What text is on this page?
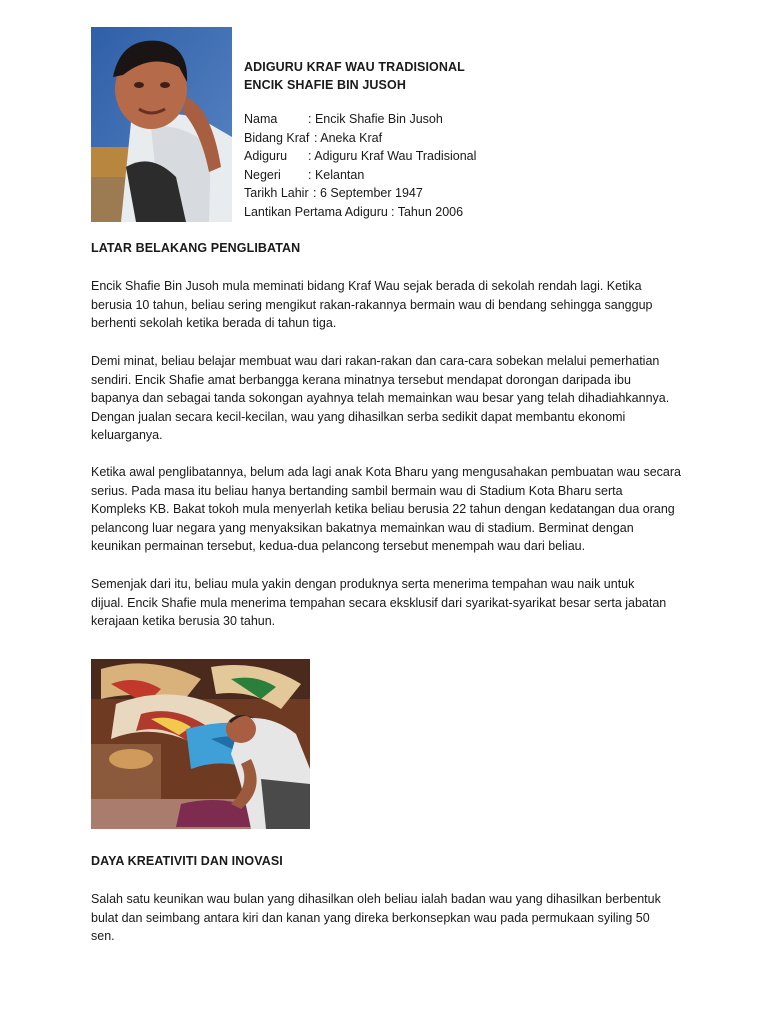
ADIGURU KRAF WAU TRADISIONAL

ENCIK SHAFIE BIN JUSOH

Nama : Encik Shafie Bin Jusoh
Bidang Kraf : Aneka Kraf
Adiguru : Adiguru Kraf Wau Tradisional
Negeri : Kelantan
Tarikh Lahir : 6 September 1947
Lantikan Pertama Adiguru : Tahun 2006

LATAR BELAKANG PENGLIBATAN

Encik Shafie Bin Jusoh mula meminati bidang Kraf Wau sejak berada di sekolah rendah lagi. Ketika
berusia 10 tahun, beliau sering mengikut rakan-rakannya bermain wau di bendang sehingga sanggup
berhenti sekolah ketika berada di tahun tiga.

Demi minat, beliau belajar membuat wau dari rakan-rakan dan cara-cara sobekan melalui pemerhatian
sendiri. Encik Shafie amat berbangga kerana minatnya tersebut mendapat dorongan daripada ibu
bapanya dan sebagai tanda sokongan ayahnya telah memainkan wau besar yang telah dihadiahkannya.
Dengan jualan secara kecil-kecilan, wau yang dihasilkan serba sedikit dapat membantu ekonomi
keluarganya.

Ketika awal penglibatannya, belum ada lagi anak Kota Bharu yang mengusahakan pembuatan wau secara
serius. Pada masa itu beliau hanya bertanding sambil bermain wau di Stadium Kota Bharu serta
Kompleks KB. Bakat tokoh mula menyerlah ketika beliau berusia 22 tahun dengan kedatangan dua orang
pelancong luar negara yang menyaksikan bakatnya memainkan wau di stadium. Berminat dengan
keunikan permainan tersebut, kedua-dua pelancong tersebut menempah wau dari beliau.

Semenjak dari itu, beliau mula yakin dengan produknya serta menerima tempahan wau naik untuk
dijual. Encik Shafie mula menerima tempahan secara eksklusif dari syarikat-syarikat besar serta jabatan
kerajaan ketika berusia 30 tahun.

DAYA KREATIVITI DAN INOVASI

Salah satu keunikan wau bulan yang dihasilkan oleh beliau ialah badan wau yang dihasilkan berbentuk
bulat dan seimbang antara kiri dan kanan yang direka berkonsepkan wau pada permukaan syiling 50
sen.
